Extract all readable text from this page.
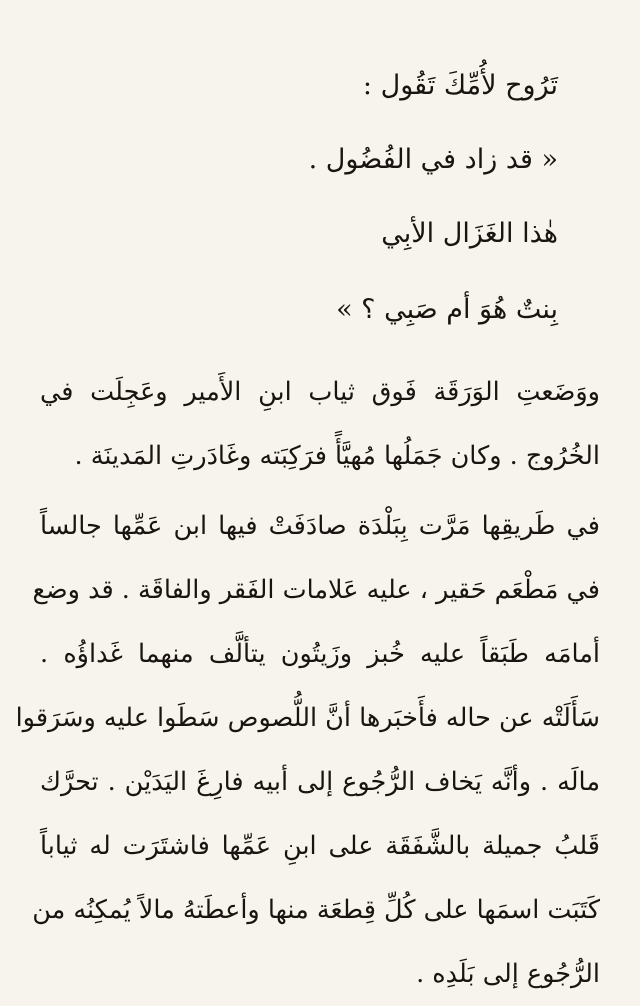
تَرُوح لأُمِّكَ تَقُول :
« قد زاد في الفُضُول .
هٰذا الغَزَال الأبِي
بِنتٌ هُوَ أم صَبِي ؟ »
ووَضَعتِ الوَرَقَة فَوق ثياب ابنِ الأَمير وعَجِلَت في
الخُرُوج . وكان جَمَلُها مُهيَّأً فرَكِبَته وغَادَرتِ المَدينَة .
في طَريقِها مَرَّت بِبَلْدَة صادَفَتْ فيها ابن عَمِّها جالساً
في مَطْعَم حَقير ، عليه عَلامات الفَقر والفاقَة . قد وضع
أمامَه طَبَقاً عليه خُبز وزَيتُون يتألَّف منهما غَداؤُه .
سَأَلَتْه عن حاله فأَخبَرها أنَّ اللُّصوص سَطَوا عليه وسَرَقوا
مالَه . وأنَّه يَخاف الرُّجُوع إلى أبيه فارِغَ اليَدَيْن . تحرَّك
قَلبُ جميلة بالشَّفَقَة على ابنِ عَمِّها فاشتَرَت له ثياباً
كَتَبَت اسمَها على كُلِّ قِطعَة منها وأعطَتهُ مالاً يُمكِنُه من
الرُّجُوع إلى بَلَدِه .
